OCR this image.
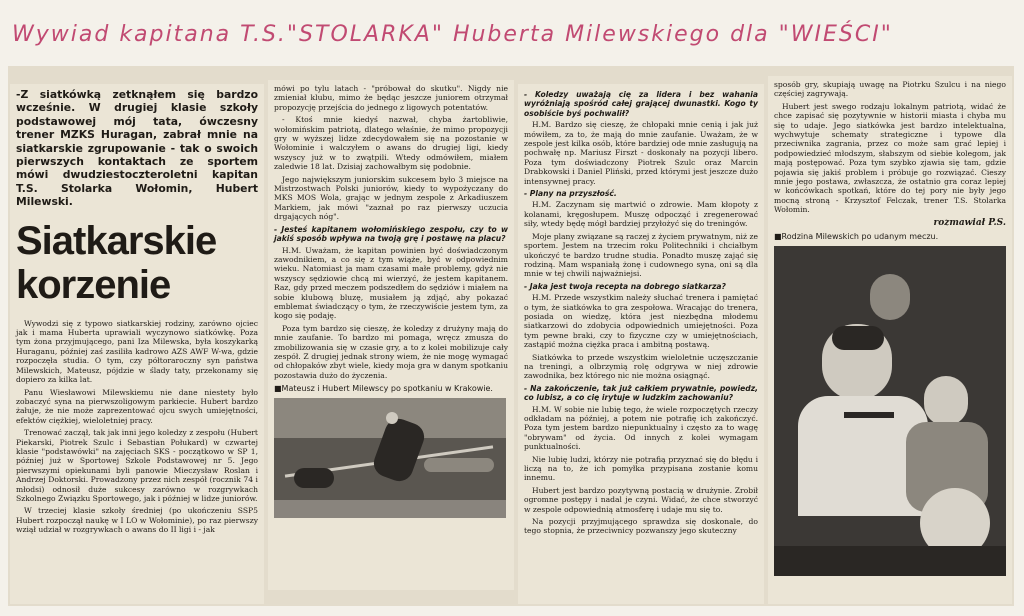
Wywiad kapitana T.S."STOLARKA" Huberta Milewskiego dla "WIEŚCI"
-Z siatkówką zetknąłem się bardzo wcześnie. W drugiej klasie szkoły podstawowej mój tata, ówczesny trener MZKS Huragan, zabrał mnie na siatkarskie zgrupowanie - tak o swoich pierwszych kontaktach ze sportem mówi dwudziestoczteroletni kapitan T.S. Stolarka Wołomin, Hubert Milewski.
Siatkarskie
korzenie

Wywodzi się z typowo siatkarskiej rodziny, zarówno ojciec jak i mama Huberta uprawiali wyczynowo siatkówkę. Poza tym żona przyjmującego, pani Iza Milewska, była koszykarką Huraganu, później zaś zasiliła kadrowo AZS AWF W-wa, gdzie rozpoczęła studia. O tym, czy półtoraroczny syn państwa Milewskich, Mateusz, pójdzie w ślady taty, przekonamy się dopiero za kilka lat.

Panu Wiesławowi Milewskiemu nie dane niestety było zobaczyć syna na pierwszoligowym parkiecie. Hubert bardzo żałuje, że nie może zaprezentować ojcu swych umiejętności, efektów ciężkiej, wieloletniej pracy.

Trenować zaczął, tak jak inni jego koledzy z zespołu (Hubert Piekarski, Piotrek Szulc i Sebastian Połukard) w czwartej klasie "podstawówki" na zajęciach SKS - początkowo w SP 1, później już w Sportowej Szkole Podstawowej nr 5. Jego pierwszymi opiekunami byli panowie Mieczysław Roslan i Andrzej Doktorski. Prowadzony przez nich zespół (rocznik 74 i młodsi) odnosił duże sukcesy zarówno w rozgrywkach Szkolnego Związku Sportowego, jak i później w lidze juniorów.

W trzeciej klasie szkoły średniej (po ukończeniu SSP5 Hubert rozpoczął naukę w I LO w Wołominie), po raz pierwszy wziął udział w rozgrywkach o awans do II ligi i - jak

mówi po tylu latach - "próbował do skutku". Nigdy nie zmieniał klubu, mimo że będąc jeszcze juniorem otrzymał propozycję przejścia do jednego z ligowych potentatów.

- Ktoś mnie kiedyś nazwał, chyba żartobliwie, wołomińskim patriotą, dlatego właśnie, że mimo propozycji gry w wyższej lidze zdecydowałem się na pozostanie w Wołominie i walczyłem o awans do drugiej ligi, kiedy wszyscy już w to zwątpili. Wtedy odmówiłem, miałem zaledwie 18 lat. Dzisiaj zachowałbym się podobnie.

Jego największym juniorskim sukcesem było 3 miejsce na Mistrzostwach Polski juniorów, kiedy to wypożyczany do MKS MOS Wola, grając w jednym zespole z Arkadiuszem Markiem, jak mówi "zaznał po raz pierwszy uczucia drgających nóg".

- Jesteś kapitanem wołomińskiego zespołu, czy to w jakiś sposób wpływa na twoją grę i postawę na placu?

H.M. Uważam, że kapitan powinien być doświadczonym zawodnikiem, a co się z tym wiąże, być w odpowiednim wieku. Natomiast ja mam czasami małe problemy, gdyż nie wszyscy sędziowie chcą mi wierzyć, że jestem kapitanem. Raz, gdy przed meczem podszedłem do sędziów i miałem na sobie klubową bluzę, musiałem ją zdjąć, aby pokazać emblemat świadczący o tym, że rzeczywiście jestem tym, za kogo się podaję.

Poza tym bardzo się cieszę, że koledzy z drużyny mają do mnie zaufanie. To bardzo mi pomaga, wręcz zmusza do zmobilizowania się w czasie gry, a to z kolei mobilizuje cały zespół. Z drugiej jednak strony wiem, że nie mogę wymagać od chłopaków zbyt wiele, kiedy moja gra w danym spotkaniu pozostawia dużo do życzenia.

■Mateusz i Hubert Milewscy po spotkaniu w Krakowie.
- Koledzy uważają cię za lidera i bez wahania wyróżniają spośród całej grającej dwunastki. Kogo ty osobiście byś pochwalił?

H.M. Bardzo się cieszę, że chłopaki mnie cenią i jak już mówiłem, za to, że mają do mnie zaufanie. Uważam, że w zespole jest kilka osób, które bardziej ode mnie zasługują na pochwałę np. Mariusz Firszt - doskonały na pozycji libero. Poza tym doświadczony Piotrek Szulc oraz Marcin Drabkowski i Daniel Pliński, przed którymi jest jeszcze dużo intensywnej pracy.

- Plany na przyszłość.

H.M. Zaczynam się martwić o zdrowie. Mam kłopoty z kolanami, kręgosłupem. Muszę odpocząć i zregenerować siły, wtedy będę mógł bardziej przyłożyć się do treningów.

Moje plany związane są raczej z życiem prywatnym, niż ze sportem. Jestem na trzecim roku Politechniki i chciałbym ukończyć te bardzo trudne studia. Ponadto muszę zająć się rodziną. Mam wspaniałą żonę i cudownego syna, oni są dla mnie w tej chwili najważniejsi.

- Jaka jest twoja recepta na dobrego siatkarza?

H.M. Przede wszystkim należy słuchać trenera i pamiętać o tym, że siatkówka to gra zespołowa. Wracając do trenera, posiada on wiedzę, która jest niezbędna młodemu siatkarzowi do zdobycia odpowiednich umiejętności. Poza tym pewne braki, czy to fizyczne czy w umiejętnościach, zastąpić można ciężka praca i ambitną postawą.

Siatkówka to przede wszystkim wieloletnie uczęszczanie na treningi, a olbrzymią rolę odgrywa w niej zdrowie zawodnika, bez którego nic nie można osiągnąć.

- Na zakończenie, tak już całkiem prywatnie, powiedz, co lubisz, a co cię irytuje w ludzkim zachowaniu?

H.M. W sobie nie lubię tego, że wiele rozpoczętych rzeczy odkładam na później, a potem nie potrafię ich zakończyć. Poza tym jestem bardzo niepunktualny i często za to wagę "obrywam" od życia. Od innych z kolei wymagam punktualności.

Nie lubię ludzi, którzy nie potrafią przyznać się do błędu i liczą na to, że ich pomyłka przypisana zostanie komu innemu.

Hubert jest bardzo pozytywną postacią w drużynie. Zrobił ogromne postępy i nadal je czyni. Widać, że chce stworzyć w zespole odpowiednią atmosferę i udaje mu się to.

Na pozycji przyjmującego sprawdza się doskonale, do tego stopnia, że przeciwnicy pozwanszy jego skuteczny

sposób gry, skupiają uwagę na Piotrku Szulcu i na niego częściej zagrywają.

Hubert jest swego rodzaju lokalnym patriotą, widać że chce zapisać się pozytywnie w historii miasta i chyba mu się to udaje. Jego siatkówka jest bardzo intelektualna, wychwytuje schematy strategiczne i typowe dla przeciwnika zagrania, przez co może sam grać lepiej i podpowiedzieć młodszym, słabszym od siebie kolegom, jak mają postępować. Poza tym szybko zjawia się tam, gdzie pojawia się jakiś problem i próbuje go rozwiązać. Cieszy mnie jego postawa, zwłaszcza, że ostatnio gra coraz lepiej w końcówkach spotkań, które do tej pory nie były jego mocną stroną - Krzysztof Felczak, trener T.S. Stolarka Wołomin.

rozmawiał P.S.
■Rodzina Milewskich po udanym meczu.
